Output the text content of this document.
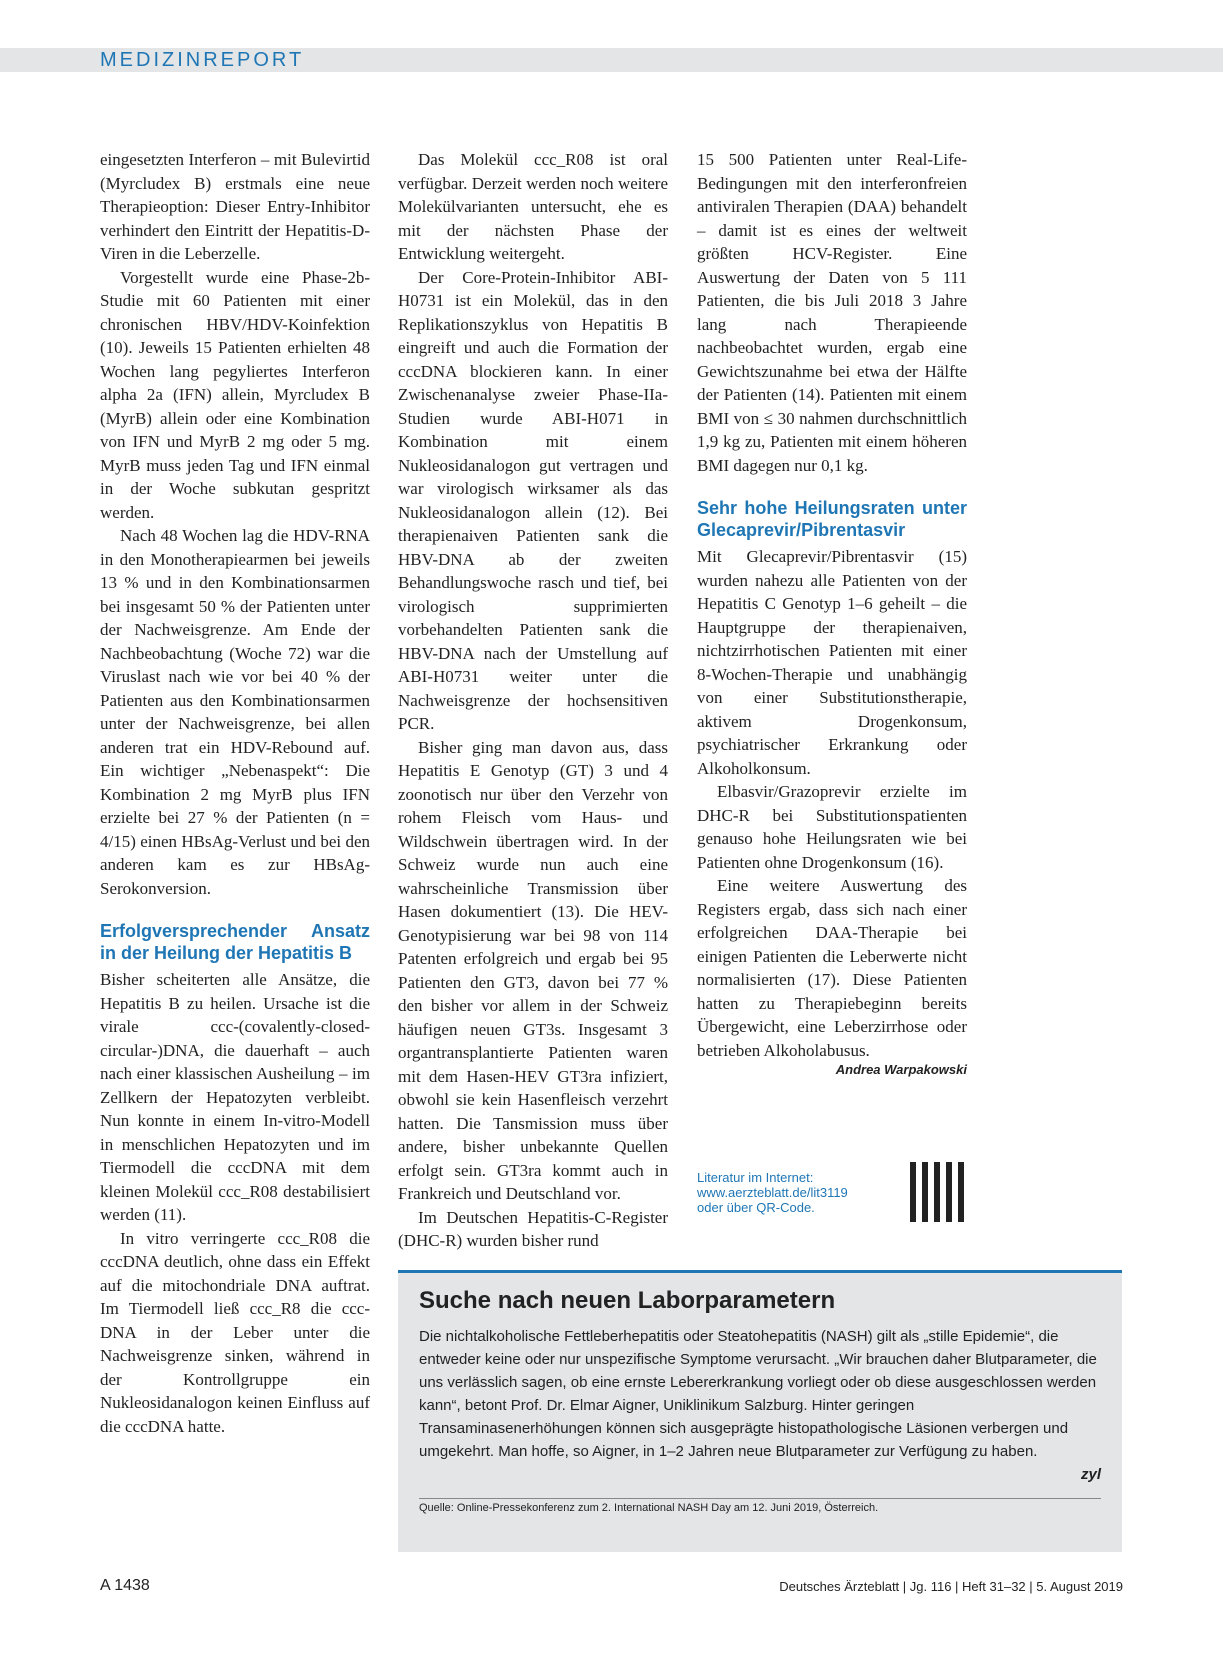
MEDIZINREPORT

eingesetzten Interferon – mit Bulevirtid (Myrcludex B) erstmals eine neue Therapieoption: Dieser Entry-Inhibitor verhindert den Eintritt der Hepatitis-D-Viren in die Leberzelle.

Vorgestellt wurde eine Phase-2b-Studie mit 60 Patienten mit einer chronischen HBV/HDV-Koinfektion (10). Jeweils 15 Patienten erhielten 48 Wochen lang pegyliertes Interferon alpha 2a (IFN) allein, Myrcludex B (MyrB) allein oder eine Kombination von IFN und MyrB 2 mg oder 5 mg. MyrB muss jeden Tag und IFN einmal in der Woche subkutan gespritzt werden.

Nach 48 Wochen lag die HDV-RNA in den Monotherapiearmen bei jeweils 13 % und in den Kombinationsarmen bei insgesamt 50 % der Patienten unter der Nachweisgrenze. Am Ende der Nachbeobachtung (Woche 72) war die Viruslast nach wie vor bei 40 % der Patienten aus den Kombinationsarmen unter der Nachweisgrenze, bei allen anderen trat ein HDV-Rebound auf. Ein wichtiger „Nebenaspekt“: Die Kombination 2 mg MyrB plus IFN erzielte bei 27 % der Patienten (n = 4/15) einen HBsAg-Verlust und bei den anderen kam es zur HBsAg-Serokonversion.

Erfolgversprechender Ansatz in der Heilung der Hepatitis B

Bisher scheiterten alle Ansätze, die Hepatitis B zu heilen. Ursache ist die virale ccc-(covalently-closed-circular-)DNA, die dauerhaft – auch nach einer klassischen Ausheilung – im Zellkern der Hepatozyten verbleibt. Nun konnte in einem In-vitro-Modell in menschlichen Hepatozyten und im Tiermodell die cccDNA mit dem kleinen Molekül ccc_R08 destabilisiert werden (11).

In vitro verringerte ccc_R08 die cccDNA deutlich, ohne dass ein Effekt auf die mitochondriale DNA auftrat. Im Tiermodell ließ ccc_R8 die ccc-DNA in der Leber unter die Nachweisgrenze sinken, während in der Kontrollgruppe ein Nukleosidanalogon keinen Einfluss auf die cccDNA hatte.

Das Molekül ccc_R08 ist oral verfügbar. Derzeit werden noch weitere Molekülvarianten untersucht, ehe es mit der nächsten Phase der Entwicklung weitergeht.

Der Core-Protein-Inhibitor ABI-H0731 ist ein Molekül, das in den Replikationszyklus von Hepatitis B eingreift und auch die Formation der cccDNA blockieren kann. In einer Zwischenanalyse zweier Phase-IIa-Studien wurde ABI-H071 in Kombination mit einem Nukleosidanalogon gut vertragen und war virologisch wirksamer als das Nukleosidanalogon allein (12). Bei therapienaiven Patienten sank die HBV-DNA ab der zweiten Behandlungswoche rasch und tief, bei virologisch supprimierten vorbehandelten Patienten sank die HBV-DNA nach der Umstellung auf ABI-H0731 weiter unter die Nachweisgrenze der hochsensitiven PCR.

Bisher ging man davon aus, dass Hepatitis E Genotyp (GT) 3 und 4 zoonotisch nur über den Verzehr von rohem Fleisch vom Haus- und Wildschwein übertragen wird. In der Schweiz wurde nun auch eine wahrscheinliche Transmission über Hasen dokumentiert (13). Die HEV-Genotypisierung war bei 98 von 114 Patenten erfolgreich und ergab bei 95 Patienten den GT3, davon bei 77 % den bisher vor allem in der Schweiz häufigen neuen GT3s. Insgesamt 3 organtransplantierte Patienten waren mit dem Hasen-HEV GT3ra infiziert, obwohl sie kein Hasenfleisch verzehrt hatten. Die Tansmission muss über andere, bisher unbekannte Quellen erfolgt sein. GT3ra kommt auch in Frankreich und Deutschland vor.

Im Deutschen Hepatitis-C-Register (DHC-R) wurden bisher rund

15 500 Patienten unter Real-Life-Bedingungen mit den interferonfreien antiviralen Therapien (DAA) behandelt – damit ist es eines der weltweit größten HCV-Register. Eine Auswertung der Daten von 5 111 Patienten, die bis Juli 2018 3 Jahre lang nach Therapieende nachbeobachtet wurden, ergab eine Gewichtszunahme bei etwa der Hälfte der Patienten (14). Patienten mit einem BMI von ≤ 30 nahmen durchschnittlich 1,9 kg zu, Patienten mit einem höheren BMI dagegen nur 0,1 kg.

Sehr hohe Heilungsraten unter Glecaprevir/Pibrentasvir

Mit Glecaprevir/Pibrentasvir (15) wurden nahezu alle Patienten von der Hepatitis C Genotyp 1–6 geheilt – die Hauptgruppe der therapienaiven, nichtzirrhotischen Patienten mit einer 8-Wochen-Therapie und unabhängig von einer Substitutionstherapie, aktivem Drogenkonsum, psychiatrischer Erkrankung oder Alkoholkonsum.

Elbasvir/Grazoprevir erzielte im DHC-R bei Substitutionspatienten genauso hohe Heilungsraten wie bei Patienten ohne Drogenkonsum (16).

Eine weitere Auswertung des Registers ergab, dass sich nach einer erfolgreichen DAA-Therapie bei einigen Patienten die Leberwerte nicht normalisierten (17). Diese Patienten hatten zu Therapiebeginn bereits Übergewicht, eine Leberzirrhose oder betrieben Alkoholabusus.

Andrea Warpakowski
Literatur im Internet:
www.aerzteblatt.de/lit3119
oder über QR-Code.
Suche nach neuen Laborparametern

Die nichtalkoholische Fettleberhepatitis oder Steatohepatitis (NASH) gilt als „stille Epidemie“, die entweder keine oder nur unspezifische Symptome verursacht. „Wir brauchen daher Blutparameter, die uns verlässlich sagen, ob eine ernste Lebererkrankung vorliegt oder ob diese ausgeschlossen werden kann“, betont Prof. Dr. Elmar Aigner, Uniklinikum Salzburg. Hinter geringen Transaminasenerhöhungen können sich ausgeprägte histopathologische Läsionen verbergen und umgekehrt. Man hoffe, so Aigner, in 1–2 Jahren neue Blutparameter zur Verfügung zu haben.

zyl

Quelle: Online-Pressekonferenz zum 2. International NASH Day am 12. Juni 2019, Österreich.
A 1438	Deutsches Ärzteblatt | Jg. 116 | Heft 31–32 | 5. August 2019
